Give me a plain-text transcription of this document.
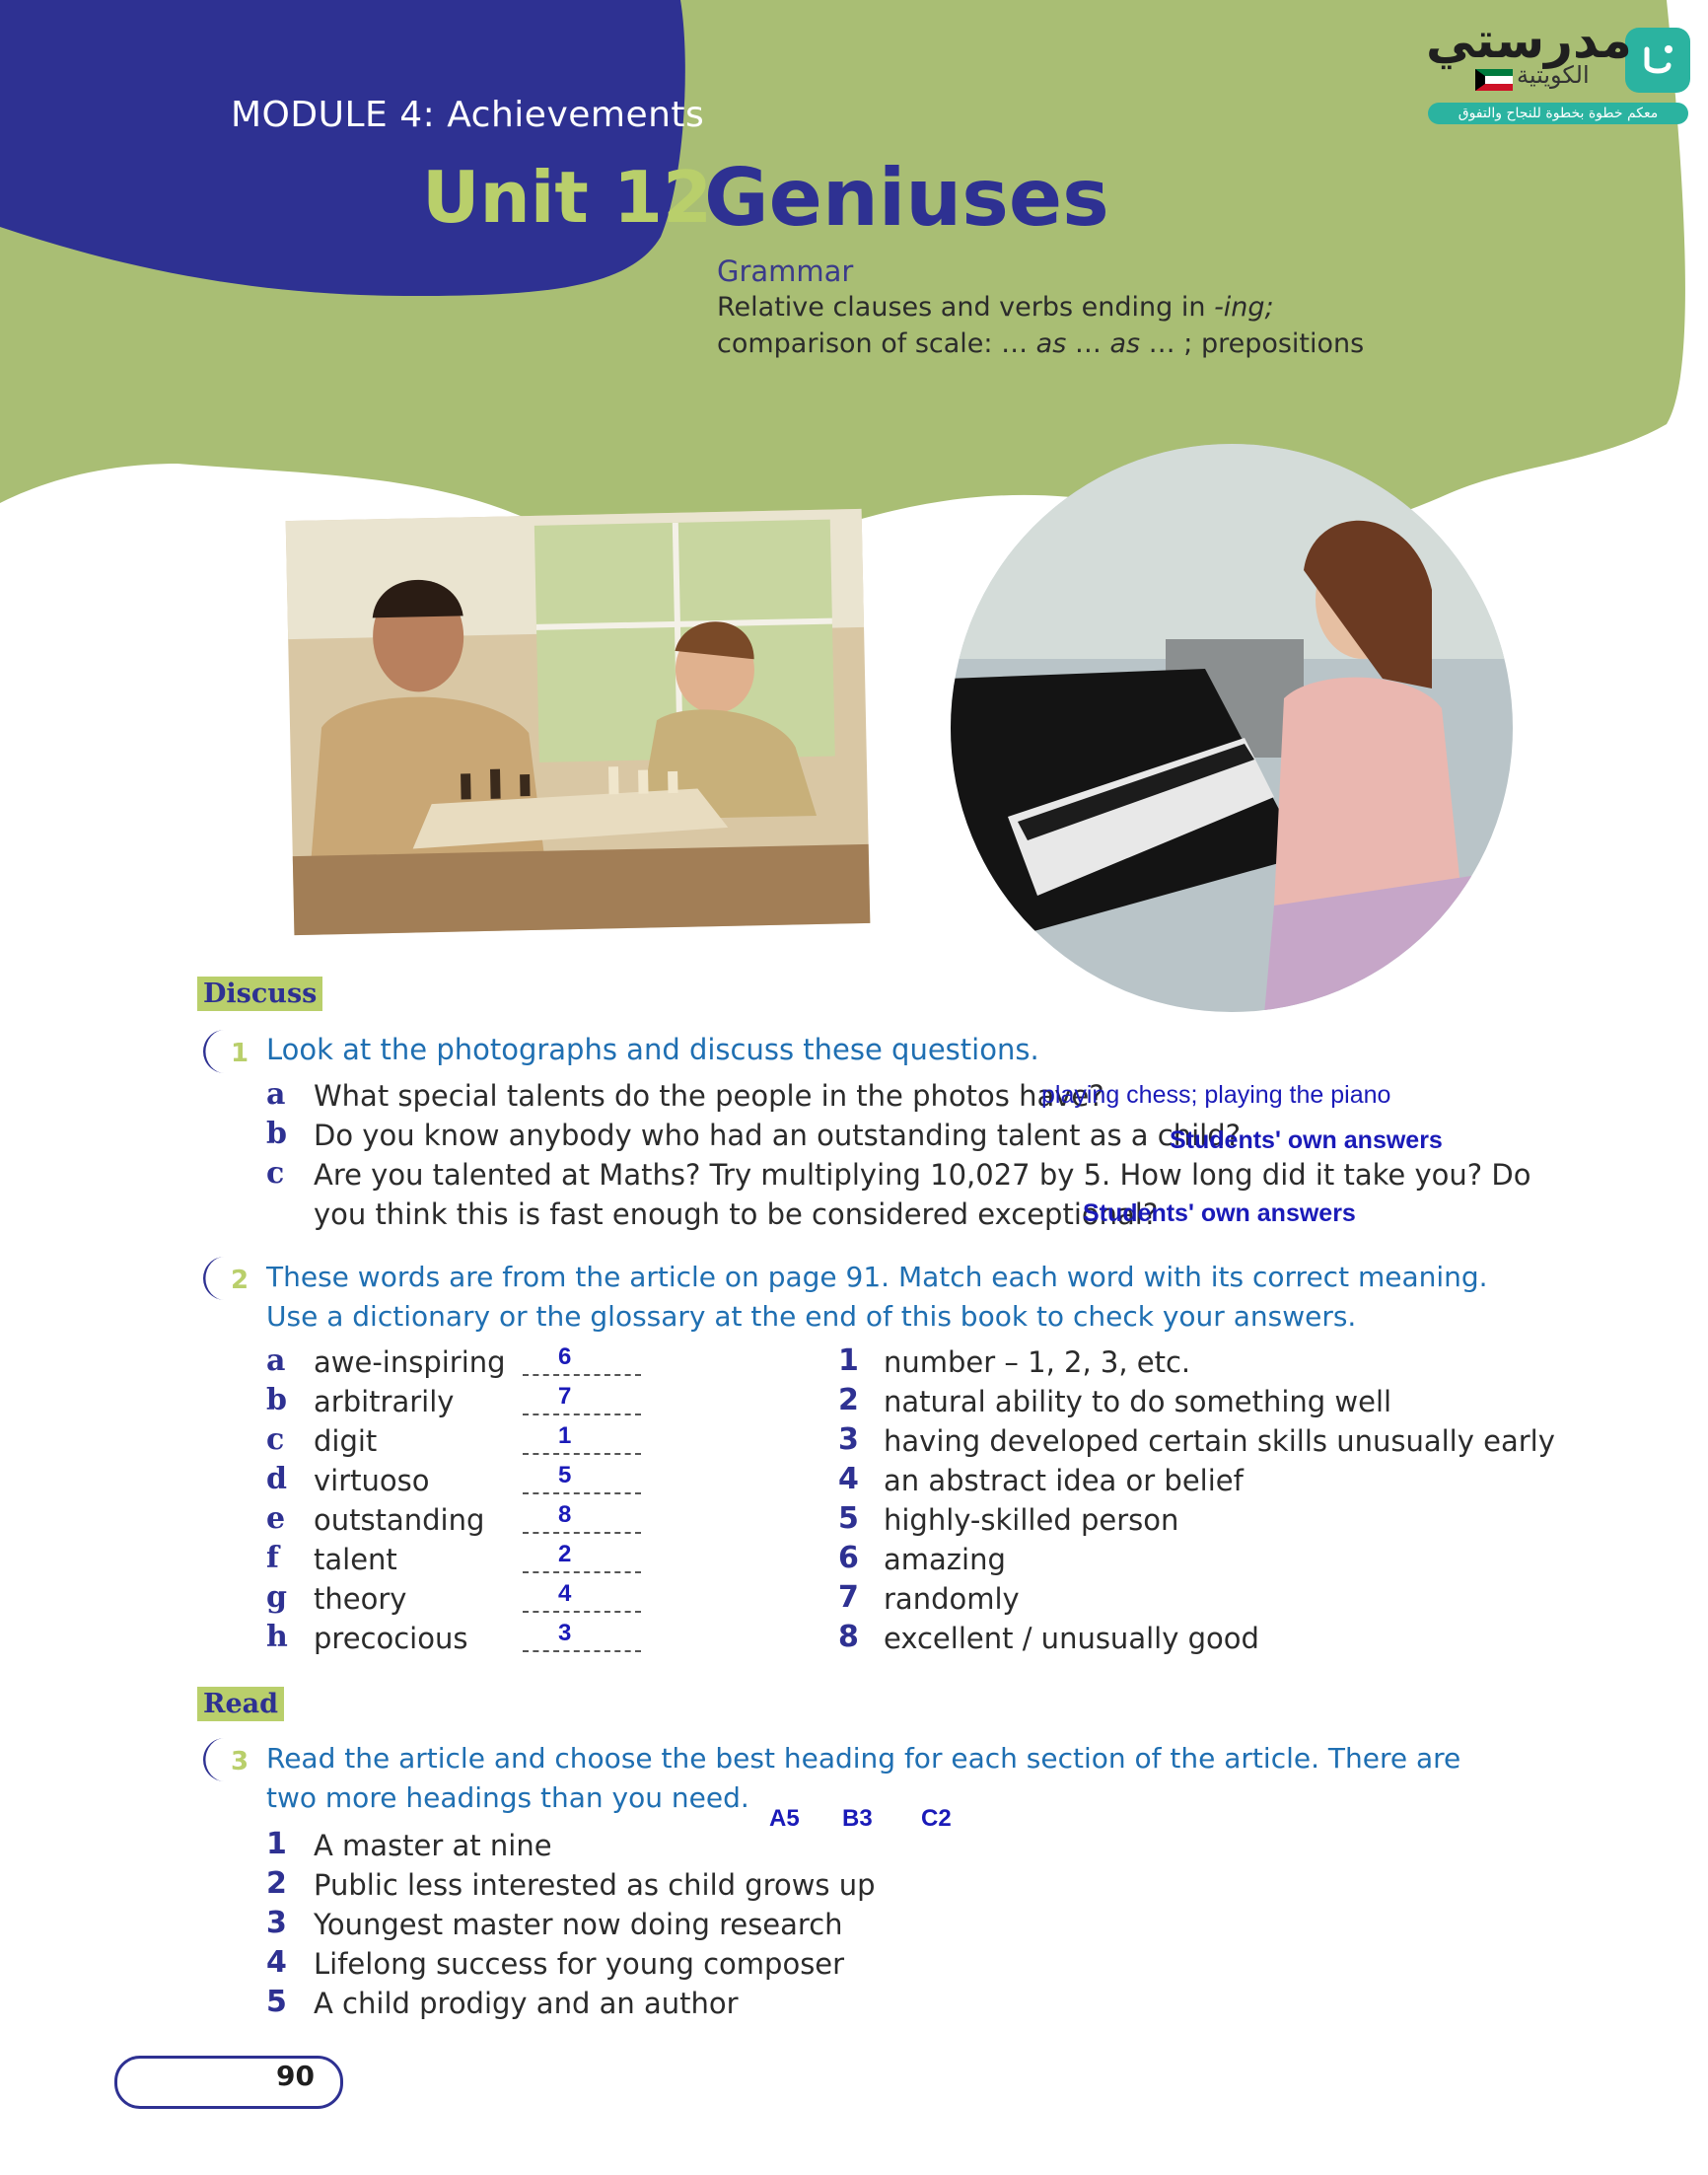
مدرستي
الكويتية
معكم خطوة بخطوة للنجاح والتفوق
MODULE 4: Achievements
Unit 12
Geniuses
Grammar
Relative clauses and verbs ending in -ing;
comparison of scale: … as … as … ; prepositions
Discuss
1 Look at the photographs and discuss these questions.
a What special talents do the people in the photos have?
playing chess; playing the piano
b Do you know anybody who had an outstanding talent as a child?
Students' own answers
c Are you talented at Maths? Try multiplying 10,027 by 5. How long did it take you? Do
you think this is fast enough to be considered exceptional?
Students' own answers
2 These words are from the article on page 91. Match each word with its correct meaning.
Use a dictionary or the glossary at the end of this book to check your answers.
a awe-inspiring 6
b arbitrarily	7
c digit	1
d virtuoso	5
e outstanding	8
f talent	2
g theory	4
h precocious	3
1 number – 1, 2, 3, etc.
2 natural ability to do something well
3 having developed certain skills unusually early
4 an abstract idea or belief
5 highly-skilled person
6 amazing
7 randomly
8 excellent / unusually good
Read
3 Read the article and choose the best heading for each section of the article. There are
two more headings than you need.
A5 B3 C2
1 A master at nine
2 Public less interested as child grows up
3 Youngest master now doing research
4 Lifelong success for young composer
5 A child prodigy and an author
90
